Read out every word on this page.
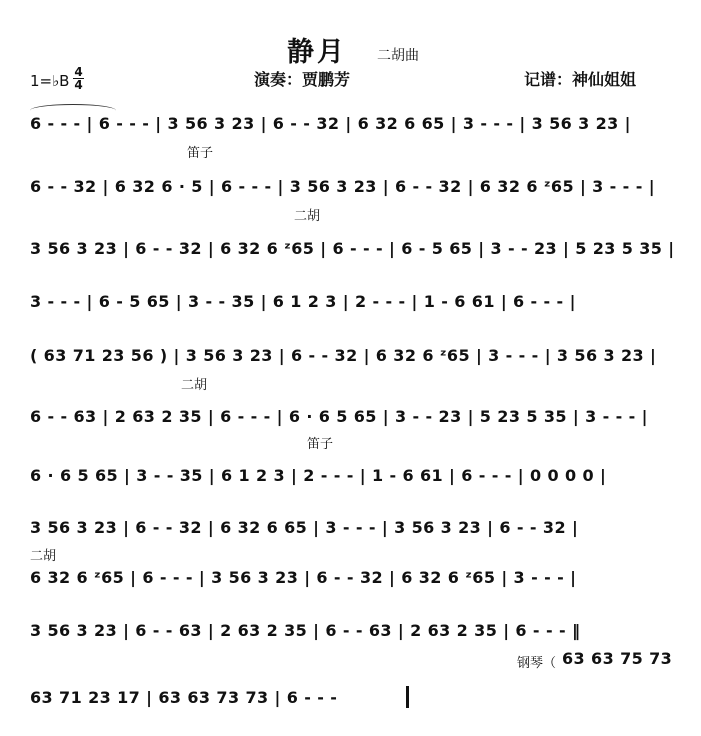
静月 二胡曲
1=♭B 4
4	演奏：贾鹏芳	记谱：神仙姐姐
6 - - - | 6 - - - | 3 56 3 23 | 6 - - 32 | 6 32 6 65 | 3 - - - | 3 56 3 23 |
笛子
6 - - 32 | 6 32 6 · 5 | 6 - - - | 3 56 3 23 | 6 - - 32 | 6 32 6 ᶻ65 | 3 - - - |
二胡
3 56 3 23 | 6 - - 32 | 6 32 6 ᶻ65 | 6 - - - | 6 - 5 65 | 3 - - 23 | 5 23 5 35 |
3 - - - | 6 - 5 65 | 3 - - 35 | 6 1 2 3 | 2 - - - | 1 - 6 61 | 6 - - - |
( 63 71 23 56 ) | 3 56 3 23 | 6 - - 32 | 6 32 6 ᶻ65 | 3 - - - | 3 56 3 23 |
二胡
6 - - 63 | 2 63 2 35 | 6 - - - | 6 · 6 5 65 | 3 - - 23 | 5 23 5 35 | 3 - - - |
笛子
6 · 6 5 65 | 3 - - 35 | 6 1 2 3 | 2 - - - | 1 - 6 61 | 6 - - - | 0 0 0 0 |
3 56 3 23 | 6 - - 32 | 6 32 6 65 | 3 - - - | 3 56 3 23 | 6 - - 32 |
二胡
6 32 6 ᶻ65 | 6 - - - | 3 56 3 23 | 6 - - 32 | 6 32 6 ᶻ65 | 3 - - - |
3 56 3 23 | 6 - - 63 | 2 63 2 35 | 6 - - 63 | 2 63 2 35 | 6 - - - ‖
钢琴（ 63 63 75 73
63 71 23 17 | 63 63 73 73 | 6 - - -
